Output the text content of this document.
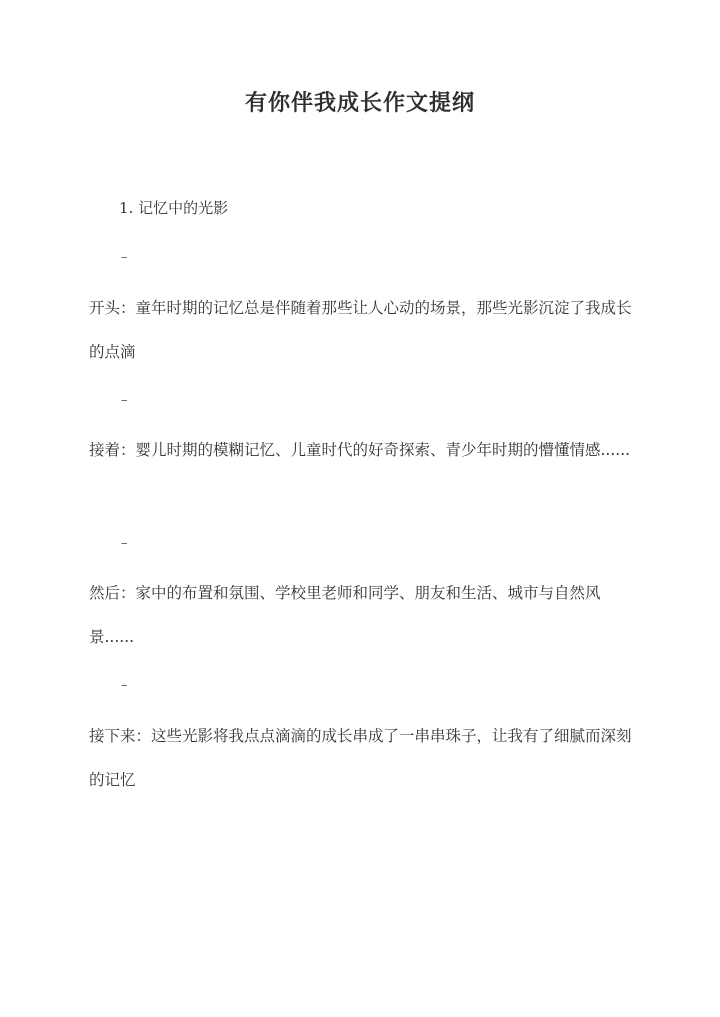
有你伴我成长作文提纲
1. 记忆中的光影
–
开头：童年时期的记忆总是伴随着那些让人心动的场景，那些光影沉淀了我成长的点滴
–
接着：婴儿时期的模糊记忆、儿童时代的好奇探索、青少年时期的懵懂情感......
–
然后：家中的布置和氛围、学校里老师和同学、朋友和生活、城市与自然风景......
–
接下来：这些光影将我点点滴滴的成长串成了一串串珠子，让我有了细腻而深刻的记忆
